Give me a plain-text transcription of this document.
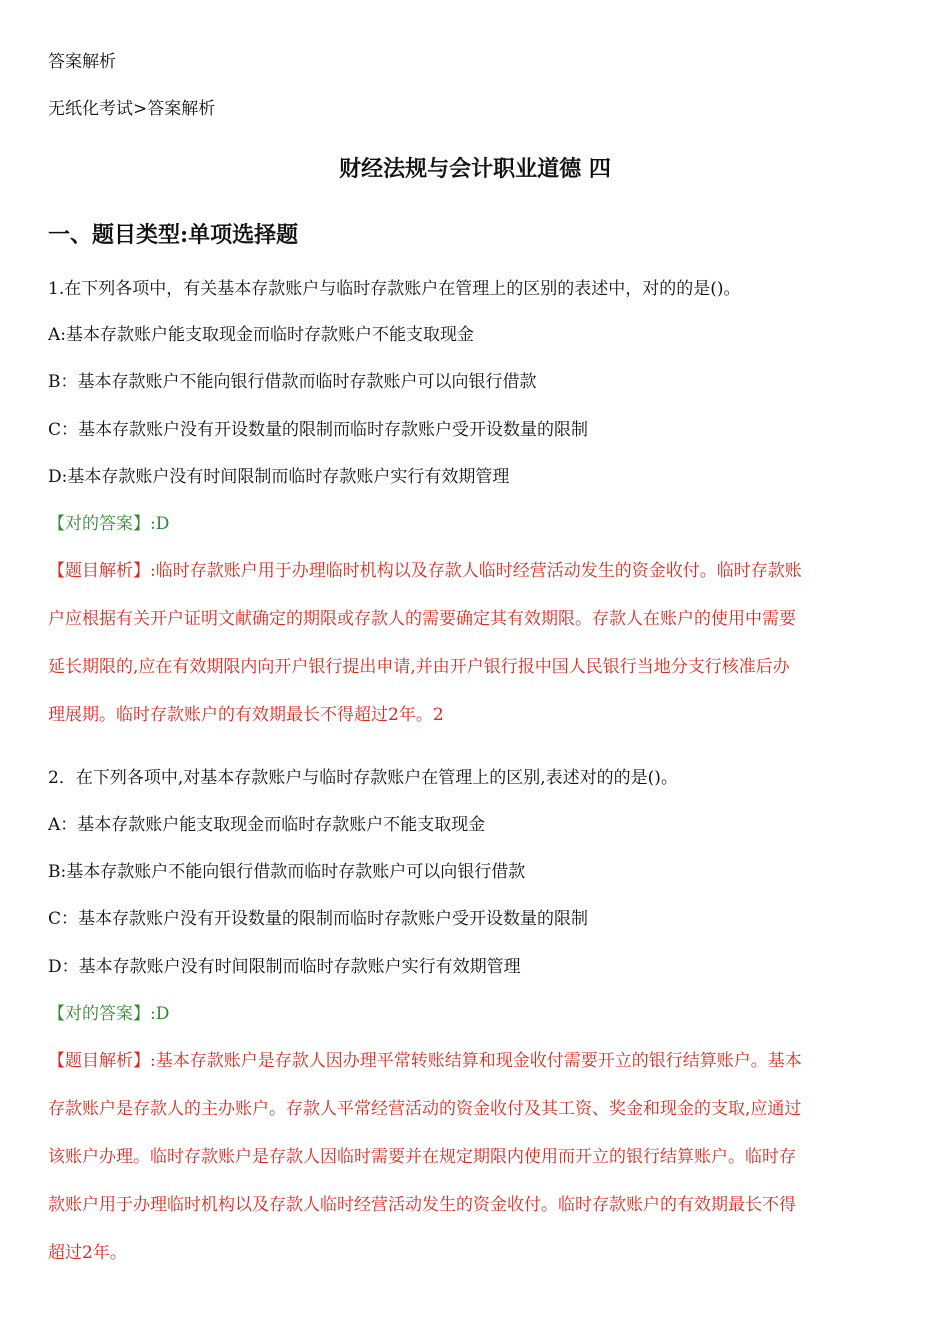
答案解析
无纸化考试>答案解析
财经法规与会计职业道德 四
一、题目类型:单项选择题
1.在下列各项中，有关基本存款账户与临时存款账户在管理上的区别的表述中，对的的是()。
A:基本存款账户能支取现金而临时存款账户不能支取现金
B：基本存款账户不能向银行借款而临时存款账户可以向银行借款
C：基本存款账户没有开设数量的限制而临时存款账户受开设数量的限制
D:基本存款账户没有时间限制而临时存款账户实行有效期管理
【对的答案】:D
【题目解析】:临时存款账户用于办理临时机构以及存款人临时经营活动发生的资金收付。临时存款账
户应根据有关开户证明文献确定的期限或存款人的需要确定其有效期限。存款人在账户的使用中需要
延长期限的,应在有效期限内向开户银行提出申请,并由开户银行报中国人民银行当地分支行核准后办
理展期。临时存款账户的有效期最长不得超过2年。2
2．在下列各项中,对基本存款账户与临时存款账户在管理上的区别,表述对的的是()。
A：基本存款账户能支取现金而临时存款账户不能支取现金
B:基本存款账户不能向银行借款而临时存款账户可以向银行借款
C：基本存款账户没有开设数量的限制而临时存款账户受开设数量的限制
D：基本存款账户没有时间限制而临时存款账户实行有效期管理
【对的答案】:D
【题目解析】:基本存款账户是存款人因办理平常转账结算和现金收付需要开立的银行结算账户。基本
存款账户是存款人的主办账户。存款人平常经营活动的资金收付及其工资、奖金和现金的支取,应通过
该账户办理。临时存款账户是存款人因临时需要并在规定期限内使用而开立的银行结算账户。临时存
款账户用于办理临时机构以及存款人临时经营活动发生的资金收付。临时存款账户的有效期最长不得
超过2年。
